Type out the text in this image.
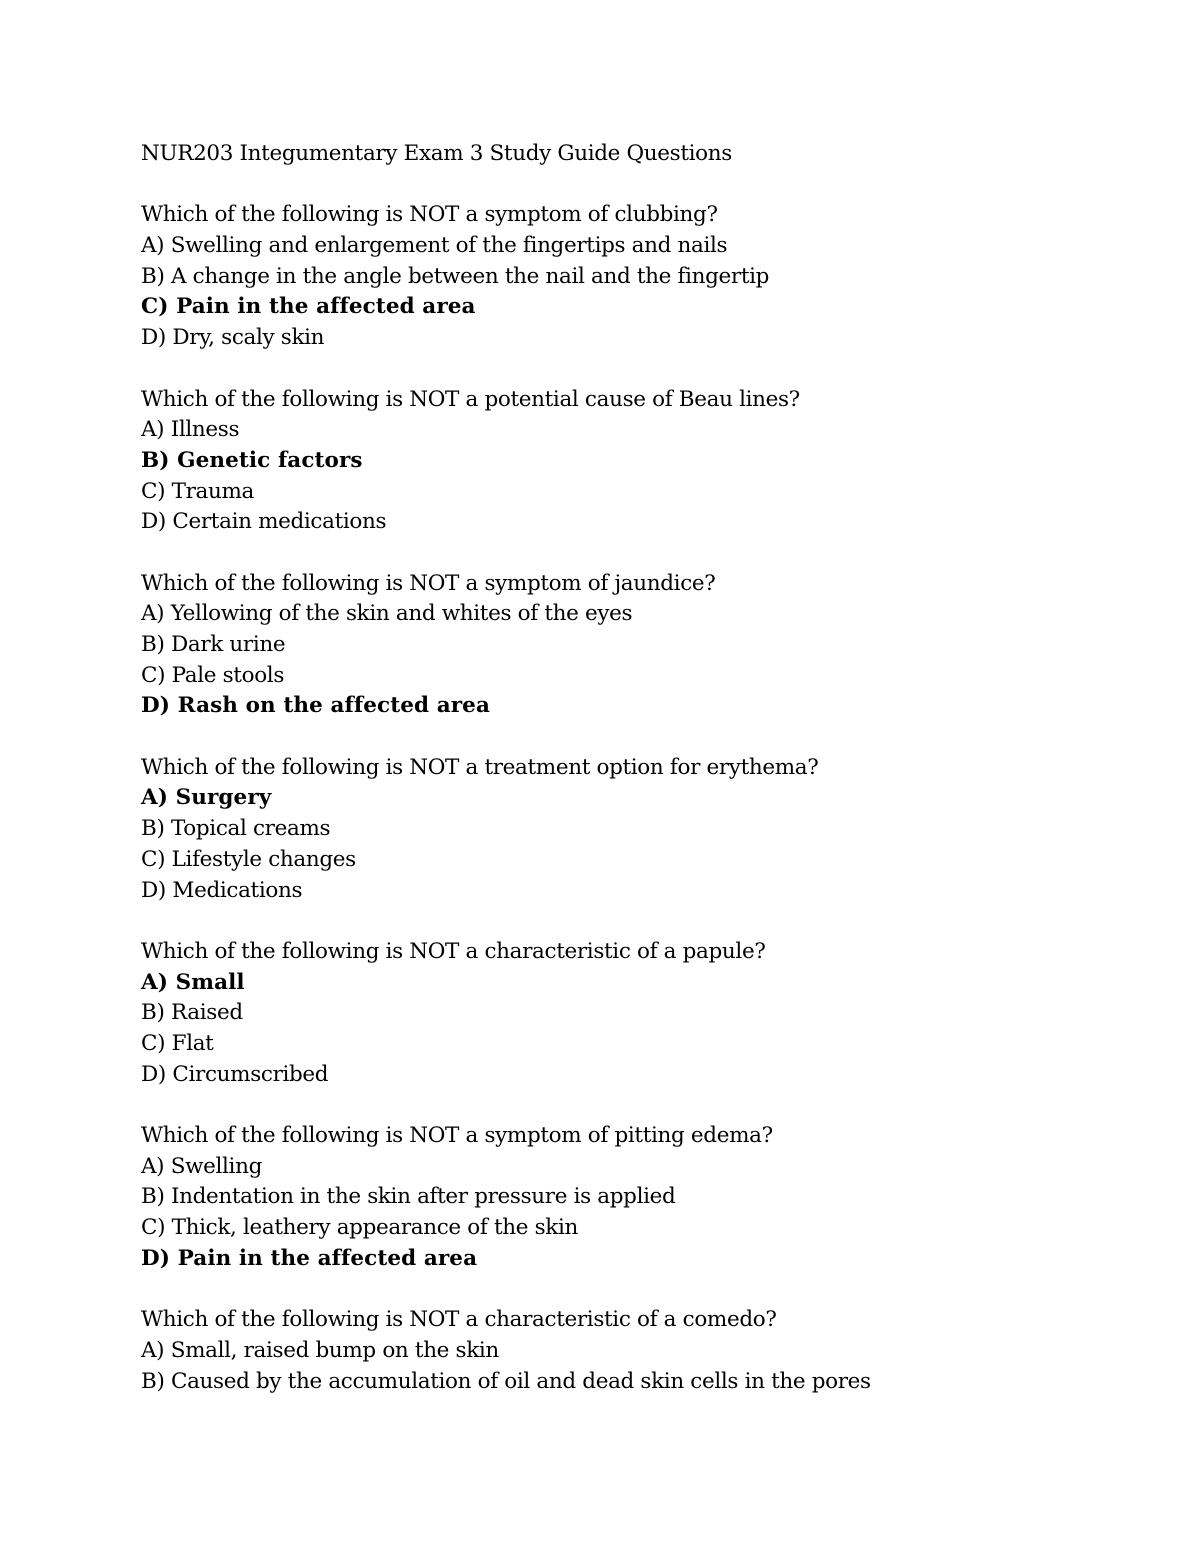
NUR203 Integumentary Exam 3 Study Guide Questions
Which of the following is NOT a symptom of clubbing?
A) Swelling and enlargement of the fingertips and nails
B) A change in the angle between the nail and the fingertip
C) Pain in the affected area
D) Dry, scaly skin
Which of the following is NOT a potential cause of Beau lines?
A) Illness
B) Genetic factors
C) Trauma
D) Certain medications
Which of the following is NOT a symptom of jaundice?
A) Yellowing of the skin and whites of the eyes
B) Dark urine
C) Pale stools
D) Rash on the affected area
Which of the following is NOT a treatment option for erythema?
A) Surgery
B) Topical creams
C) Lifestyle changes
D) Medications
Which of the following is NOT a characteristic of a papule?
A) Small
B) Raised
C) Flat
D) Circumscribed
Which of the following is NOT a symptom of pitting edema?
A) Swelling
B) Indentation in the skin after pressure is applied
C) Thick, leathery appearance of the skin
D) Pain in the affected area
Which of the following is NOT a characteristic of a comedo?
A) Small, raised bump on the skin
B) Caused by the accumulation of oil and dead skin cells in the pores
